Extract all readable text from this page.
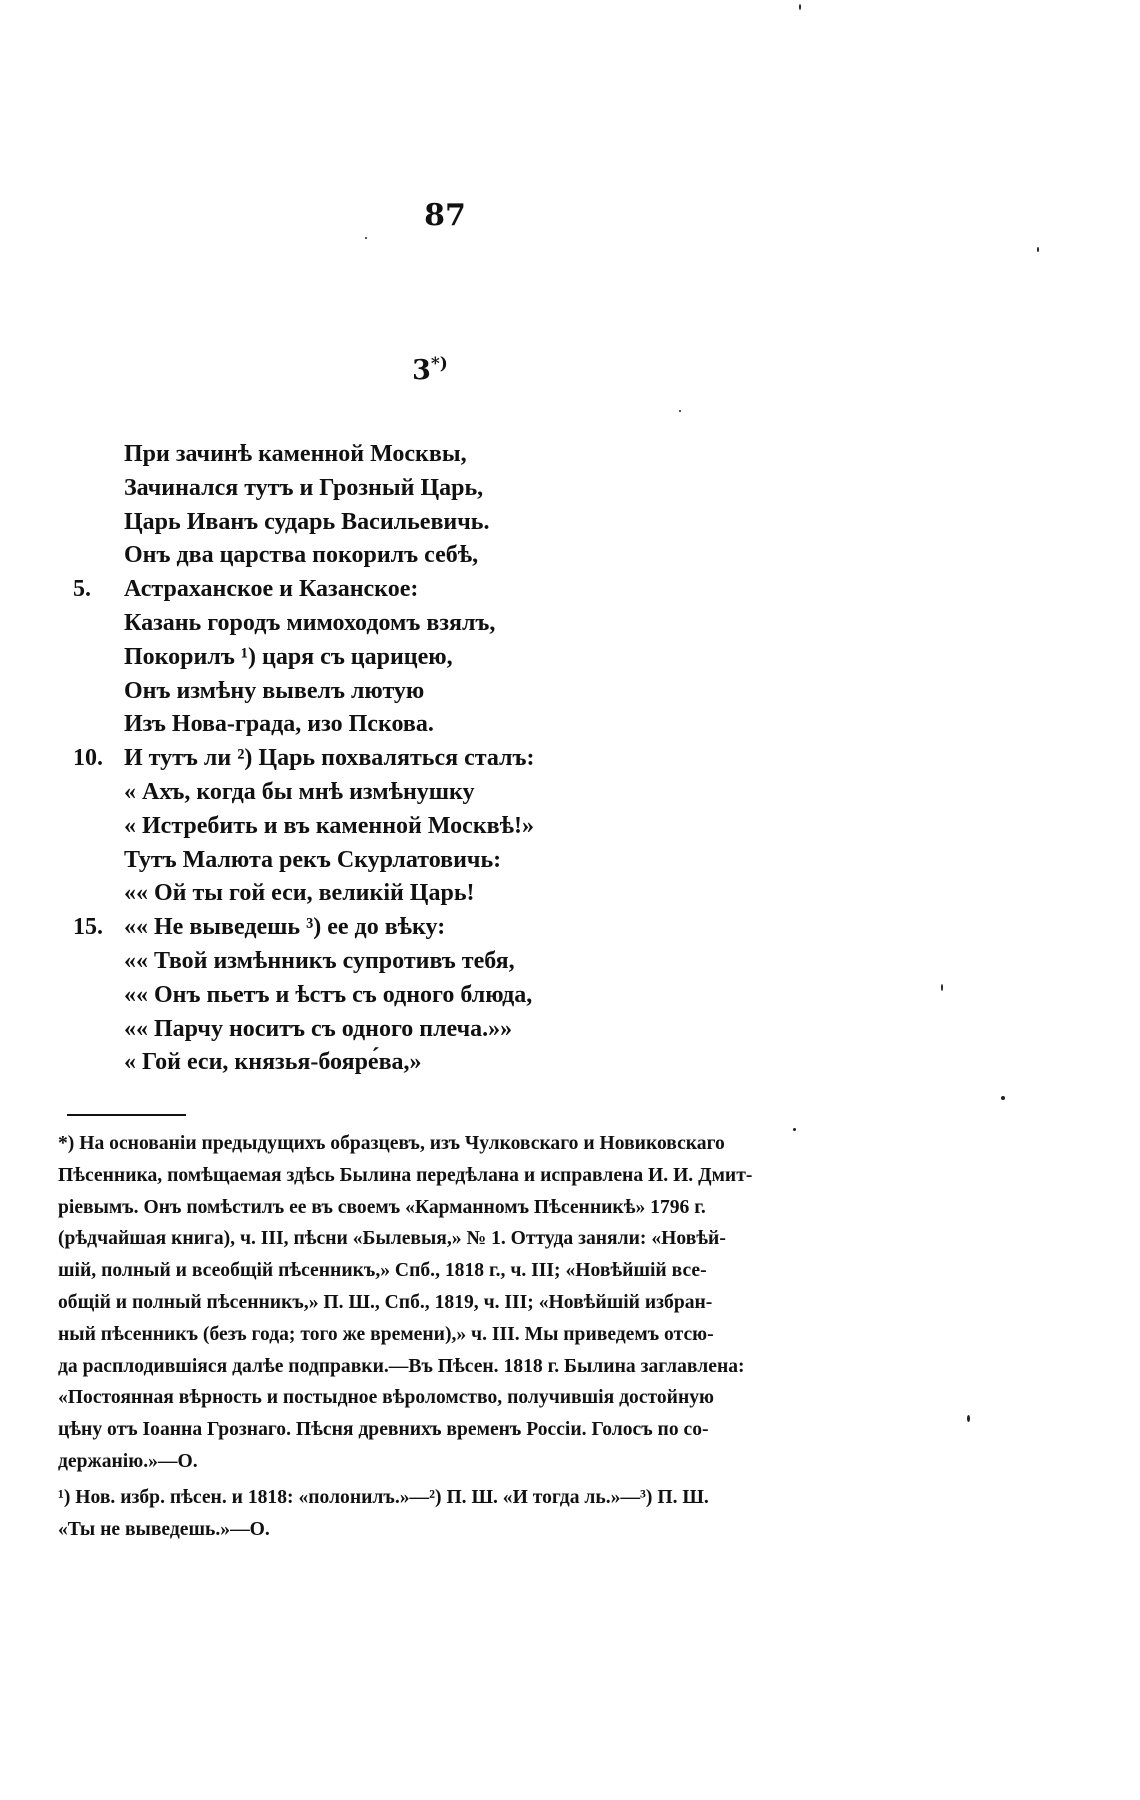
87
3*)
При зачинѣ каменной Москвы,
Зачинался тутъ и Грозный Царь,
Царь Иванъ сударь Васильевичь.
Онъ два царства покорилъ себѣ,
5.	Астраханское и Казанское:
Казань городъ мимоходомъ взялъ,
Покорилъ ¹) царя съ царицею,
Онъ измѣну вывелъ лютую
Изъ Нова-града, изо Пскова.
10. И тутъ ли ²) Царь похваляться сталъ:
« Ахъ, когда бы мнѣ измѣнушку
« Истребить и въ каменной Москвѣ!»
Тутъ Малюта рекъ Скурлатовичь:
«« Ой ты гой еси, великій Царь!
15. «« Не выведешь ³) ее до вѣку:
«« Твой измѣнникъ супротивъ тебя,
«« Онъ пьетъ и ѣстъ съ одного блюда,
«« Парчу носитъ съ одного плеча.»»
« Гой еси, князья-бояре́ва,»
*) На основаніи предыдущихъ образцевъ, изъ Чулковскаго и Новиковскаго
Пѣсенника, помѣщаемая здѣсь Былина передѣлана и исправлена И. И. Дмит-
ріевымъ. Онъ помѣстилъ ее въ своемъ «Карманномъ Пѣсенникѣ» 1796 г.
(рѣдчайшая книга), ч. III, пѣсни «Былевыя,» № 1. Оттуда заняли: «Новѣй-
шій, полный и всеобщій пѣсенникъ,» Спб., 1818 г., ч. III; «Новѣйшій все-
общій и полный пѣсенникъ,» П. Ш., Спб., 1819, ч. III; «Новѣйшій избран-
ный пѣсенникъ (безъ года; того же времени),» ч. III. Мы приведемъ отсю-
да расплодившіяся далѣе подправки.—Въ Пѣсен. 1818 г. Былина заглавлена:
«Постоянная вѣрность и постыдное вѣроломство, получившія достойную
цѣну отъ Іоанна Грознаго. Пѣсня древнихъ временъ Россіи. Голосъ по со-
держанію.»—О.
¹) Нов. избр. пѣсен. и 1818: «полонилъ.»—²) П. Ш. «И тогда ль.»—³) П. Ш.
«Ты не выведешь.»—О.
